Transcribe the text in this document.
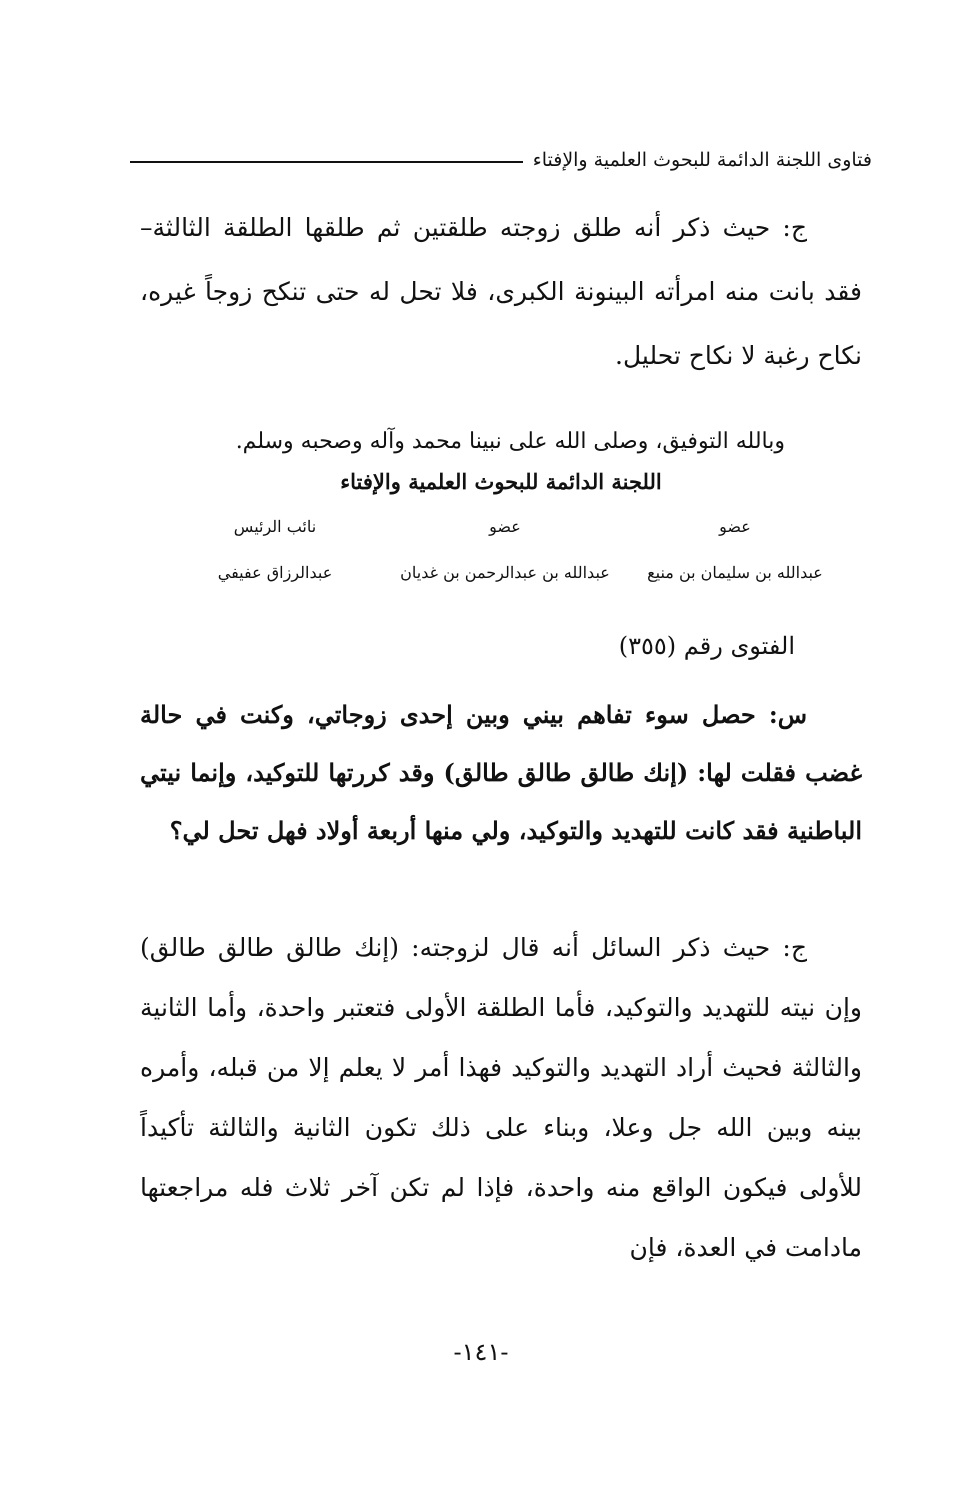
فتاوى اللجنة الدائمة للبحوث العلمية والإفتاء

ج: حيث ذكر أنه طلق زوجته طلقتين ثم طلقها الطلقة الثالثة– فقد بانت منه امرأته البينونة الكبرى، فلا تحل له حتى تنكح زوجاً غيره، نكاح رغبة لا نكاح تحليل.

وبالله التوفيق، وصلى الله على نبينا محمد وآله وصحبه وسلم.

اللجنة الدائمة للبحوث العلمية والإفتاء
عضو
عبدالله بن سليمان بن منيع
عضو
عبدالله بن عبدالرحمن بن غديان
نائب الرئيس
عبدالرزاق عفيفي
الفتوى رقم (٣٥٥)

س: حصل سوء تفاهم بيني وبين إحدى زوجاتي، وكنت في حالة غضب فقلت لها: (إنك طالق طالق طالق) وقد كررتها للتوكيد، وإنما نيتي الباطنية فقد كانت للتهديد والتوكيد، ولي منها أربعة أولاد فهل تحل لي؟

ج: حيث ذكر السائل أنه قال لزوجته: (إنك طالق طالق طالق) وإن نيته للتهديد والتوكيد، فأما الطلقة الأولى فتعتبر واحدة، وأما الثانية والثالثة فحيث أراد التهديد والتوكيد فهذا أمر لا يعلم إلا من قبله، وأمره بينه وبين الله جل وعلا، وبناء على ذلك تكون الثانية والثالثة تأكيداً للأولى فيكون الواقع منه واحدة، فإذا لم تكن آخر ثلاث فله مراجعتها مادامت في العدة، فإن

-١٤١-
